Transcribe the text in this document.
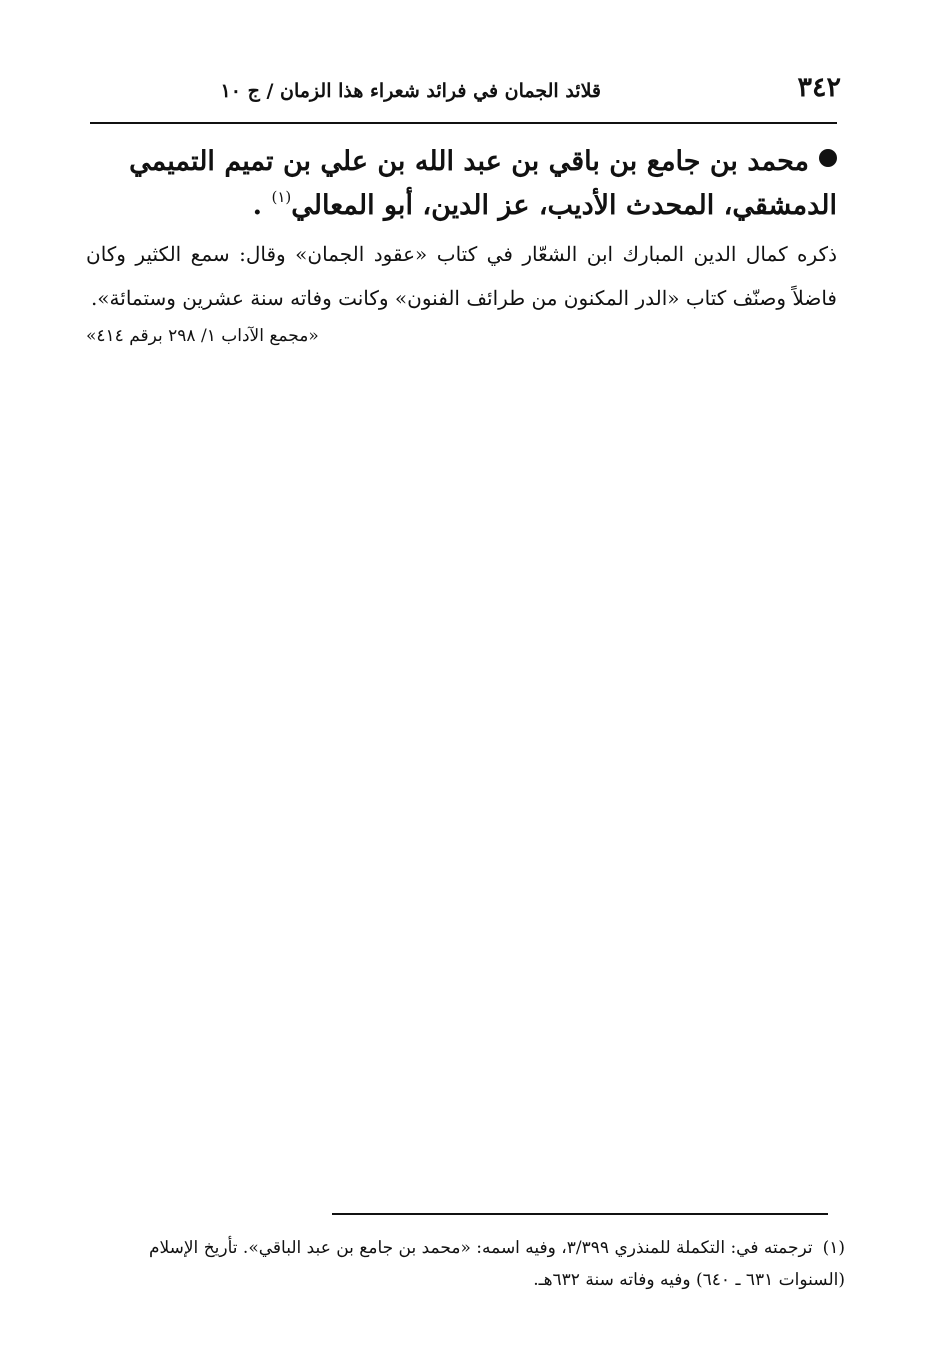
٣٤٢
قلائد الجمان في فرائد شعراء هذا الزمان / ج ١٠

محمد بن جامع بن باقي بن عبد الله بن علي بن تميم التميمي الدمشقي، المحدث الأديب، عز الدين، أبو المعالي$^{(١)}$ .

ذكره كمال الدين المبارك ابن الشعّار في كتاب «عقود الجمان» وقال: سمع الكثير وكان فاضلاً وصنّف كتاب «الدر المكنون من طرائف الفنون» وكانت وفاته سنة عشرين وستمائة».

«مجمع الآداب ١/ ٢٩٨ برقم ٤١٤»
(١)ترجمته في: التكملة للمنذري ٣/٣٩٩، وفيه اسمه: «محمد بن جامع بن عبد الباقي». تأريخ الإسلام (السنوات ٦٣١ ـ ٦٤٠) وفيه وفاته سنة ٦٣٢هـ.
